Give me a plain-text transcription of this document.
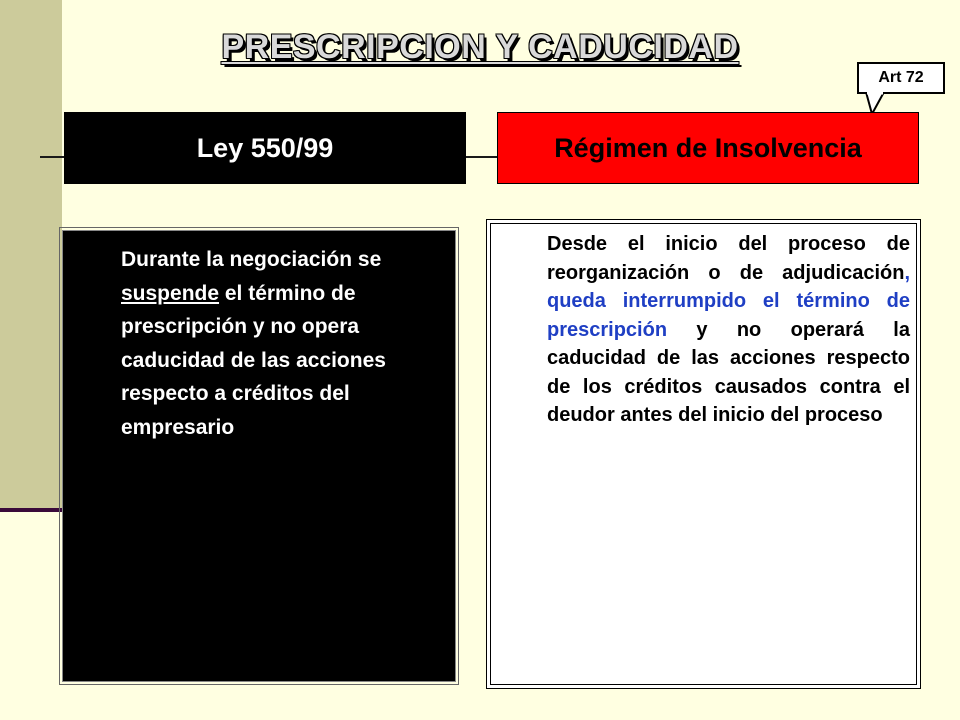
PRESCRIPCION Y CADUCIDAD
Art 72
Ley 550/99	Régimen de Insolvencia
Durante la negociación se suspende el término de prescripción y no opera caducidad de las acciones respecto a créditos del empresario
Desde el inicio del proceso de reorganización o de adjudicación, queda interrumpido el término de prescripción y no operará la caducidad de las acciones respecto de los créditos causados contra el deudor antes del inicio del proceso
